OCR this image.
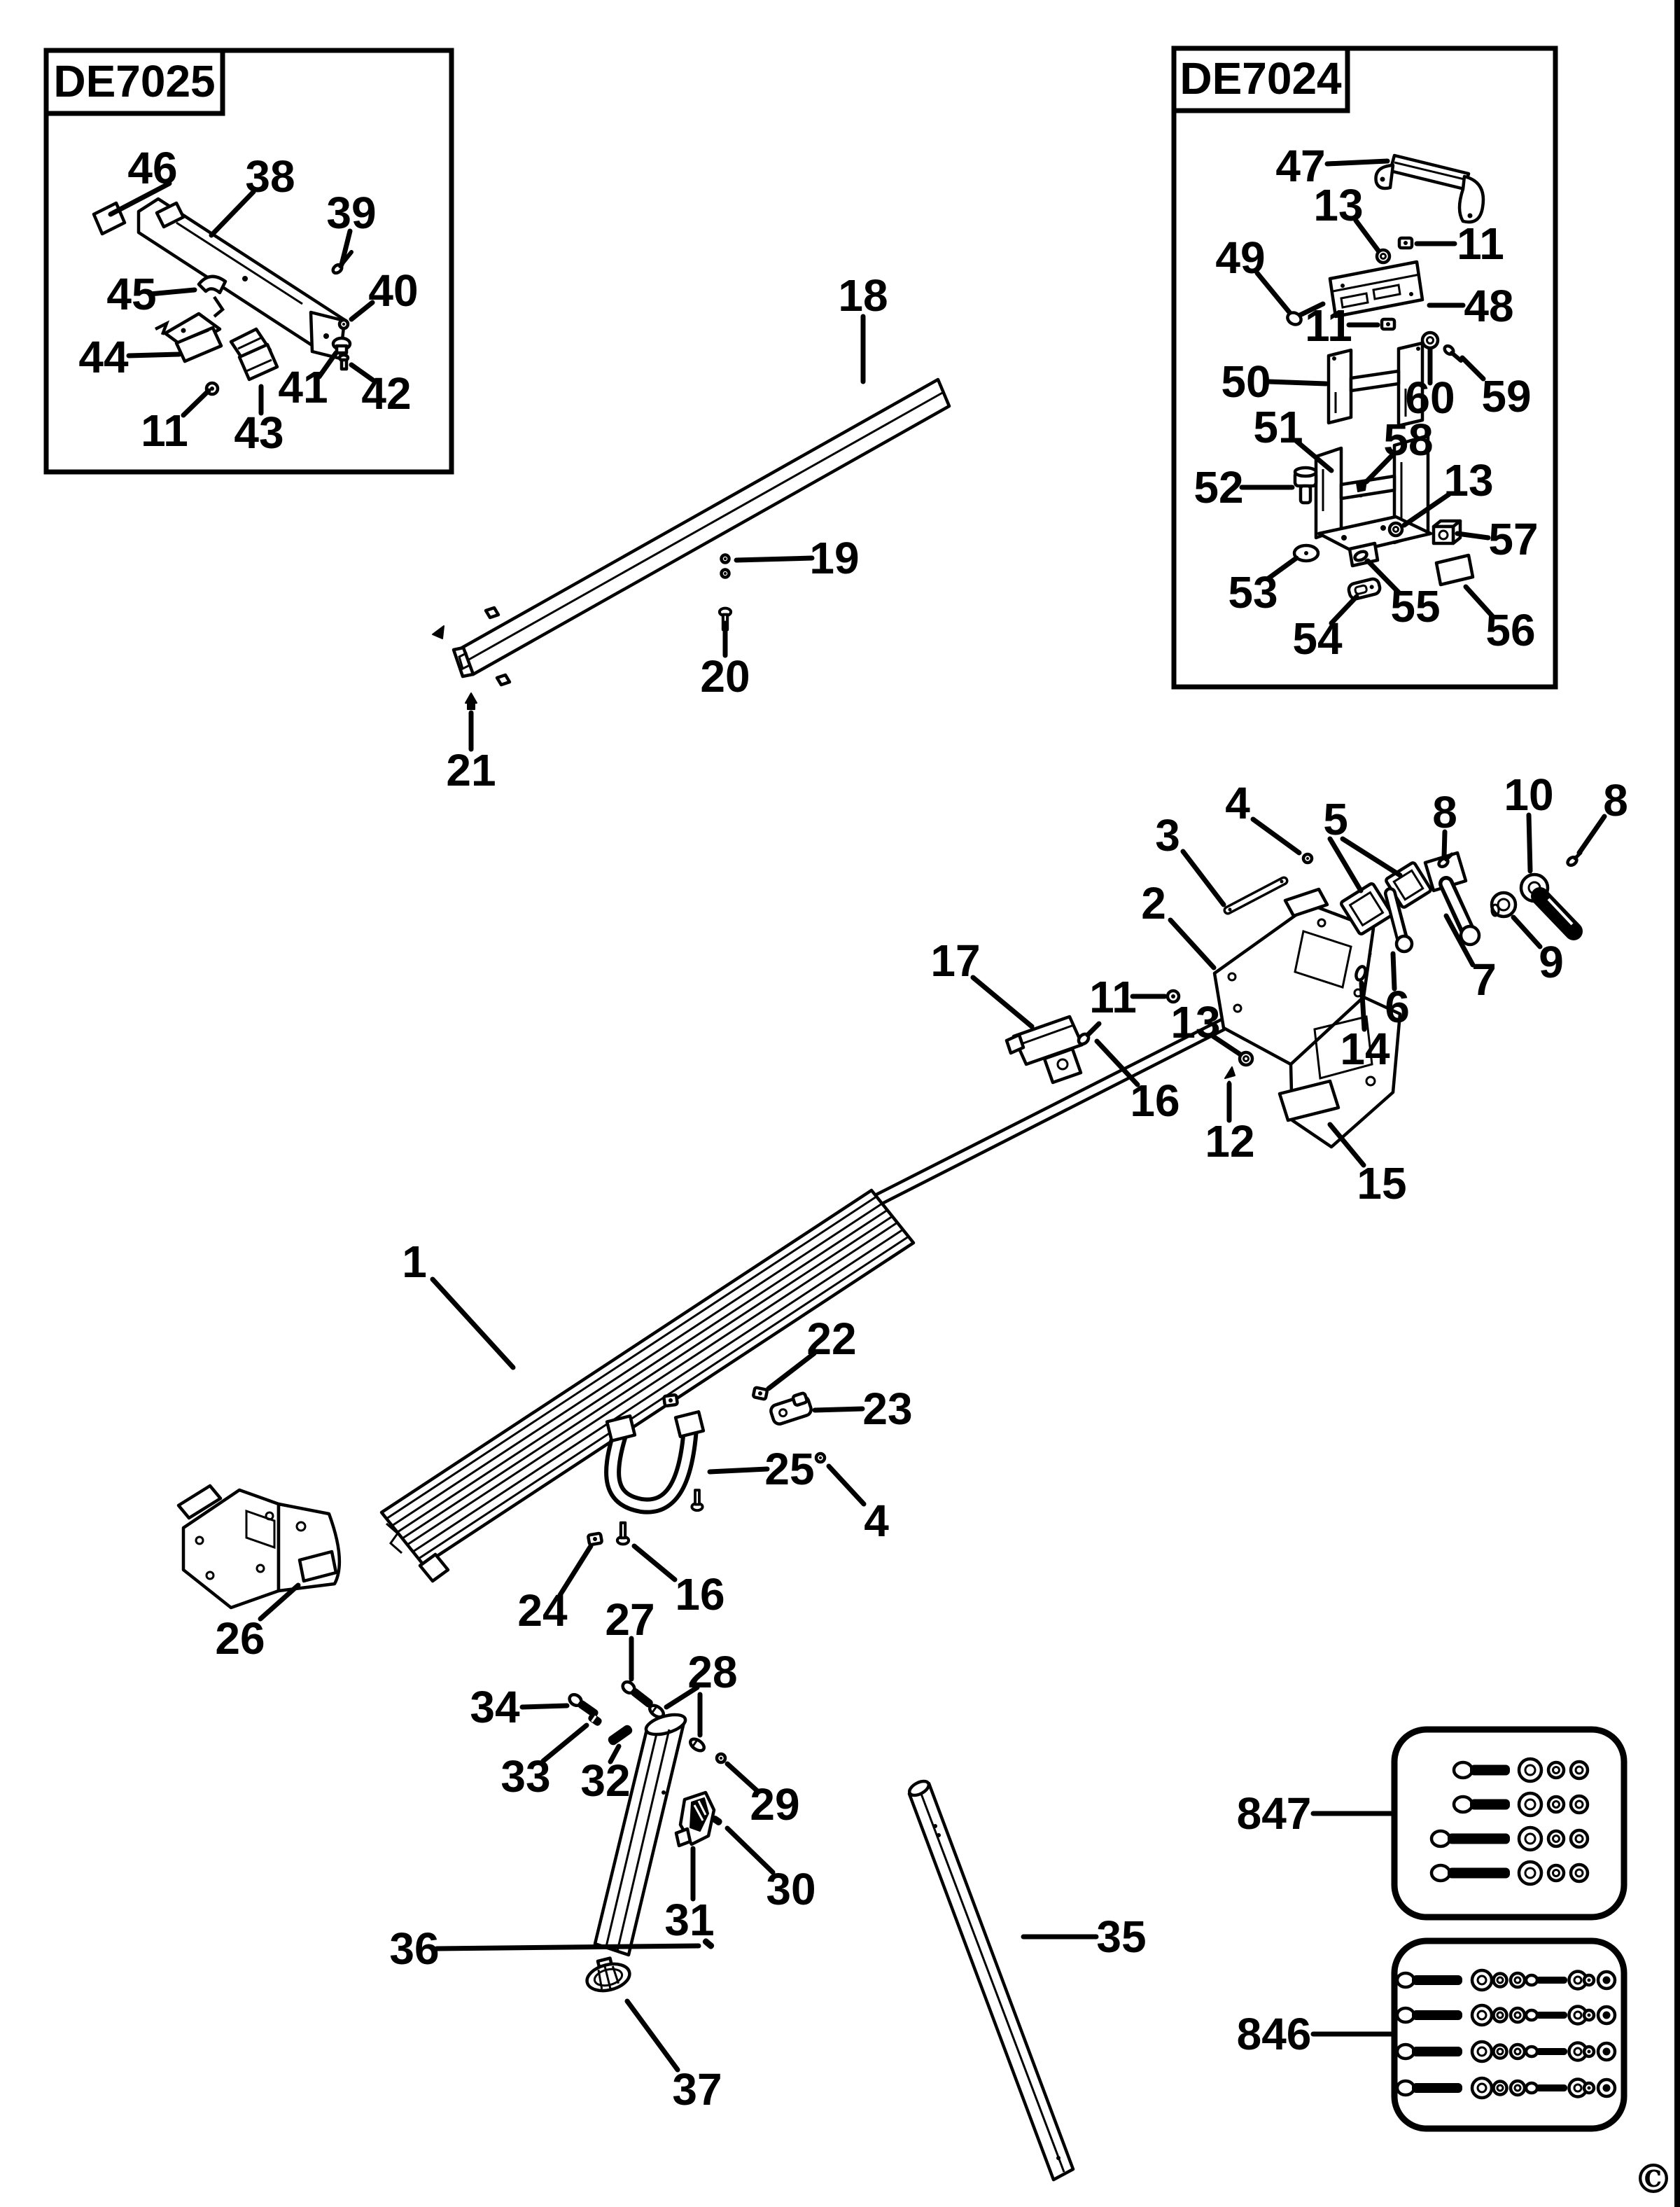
DE7025	DE7024
©
46 38
39
45	40
44
41 42
11 43
18
19
20
21
47
13
11
49
48
11
50	59
60
51 58
52	13
57
53	55
54	56
3
4 5 8 10 8
2
9
7
6
14
11 13
16
12
15
17
1
22
23
4
25
24 16
27
34
33 32
28
29
30
31
36
37
35
26
847
846
